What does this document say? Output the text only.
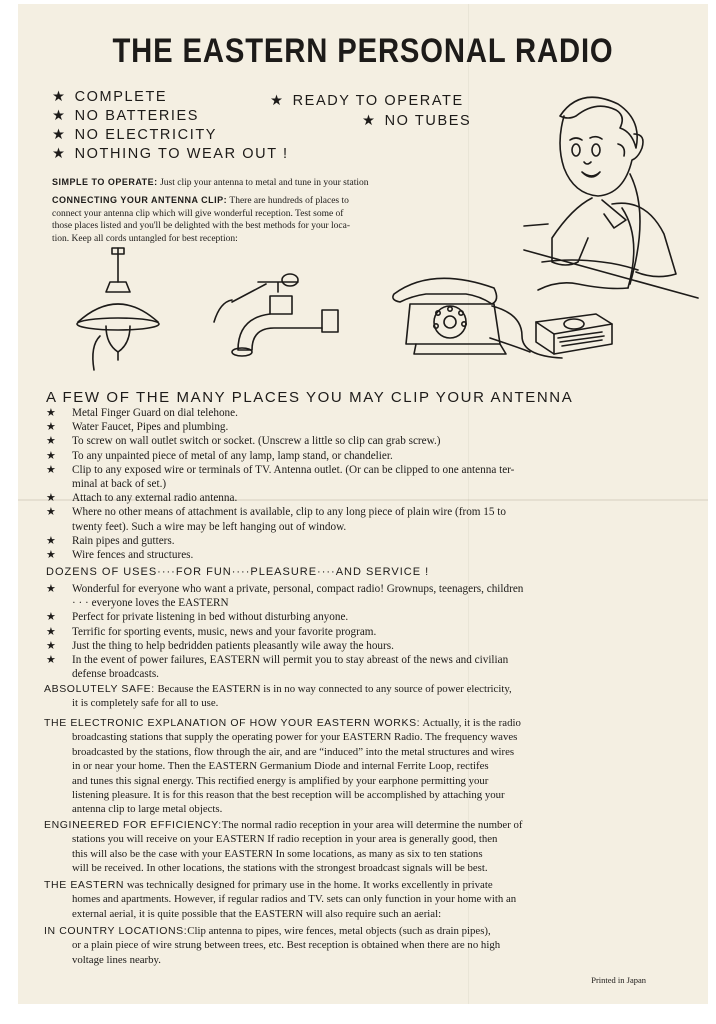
THE EASTERN PERSONAL RADIO
★ COMPLETE
★ NO BATTERIES
★ NO ELECTRICITY
★ NOTHING TO WEAR OUT !
★ READY TO OPERATE
★ NO TUBES
SIMPLE TO OPERATE: Just clip your antenna to metal and tune in your station
CONNECTING YOUR ANTENNA CLIP: There are hundreds of places to
connect your antenna clip which will give wonderful reception. Test some of
those places listed and you'll be delighted with the best methods for your loca-
tion. Keep all cords untangled for best reception:
A FEW OF THE MANY PLACES YOU MAY CLIP YOUR ANTENNA
★ Metal Finger Guard on dial telehone.
★ Water Faucet, Pipes and plumbing.
★ To screw on wall outlet switch or socket. (Unscrew a little so clip can grab screw.)
★ To any unpainted piece of metal of any lamp, lamp stand, or chandelier.
★ Clip to any exposed wire or terminals of TV. Antenna outlet. (Or can be clipped to one antenna ter-
minal at back of set.)
★ Attach to any external radio antenna.
★ Where no other means of attachment is available, clip to any long piece of plain wire (from 15 to
twenty feet). Such a wire may be left hanging out of window.
★ Rain pipes and gutters.
★ Wire fences and structures.
DOZENS OF USES····FOR FUN····PLEASURE····AND SERVICE !
★ Wonderful for everyone who want a private, personal, compact radio! Grownups, teenagers, children
· · · everyone loves the EASTERN
★ Perfect for private listening in bed without disturbing anyone.
★ Terrific for sporting events, music, news and your favorite program.
★ Just the thing to help bedridden patients pleasantly wile away the hours.
★ In the event of power failures, EASTERN will permit you to stay abreast of the news and civilian
defense broadcasts.
ABSOLUTELY SAFE: Because the EASTERN is in no way connected to any source of power electricity,
it is completely safe for all to use.
THE ELECTRONIC EXPLANATION OF HOW YOUR EASTERN WORKS: Actually, it is the radio
broadcasting stations that supply the operating power for your EASTERN Radio. The frequency waves
broadcasted by the stations, flow through the air, and are “induced” into the metal structures and wires
in or near your home. Then the EASTERN Germanium Diode and internal Ferrite Loop, rectifes
and tunes this signal energy. This rectified energy is amplified by your earphone permitting your
listening pleasure. It is for this reason that the best reception will be accomplished by attaching your
antenna clip to large metal objects.
ENGINEERED FOR EFFICIENCY:The normal radio reception in your area will determine the number of
stations you will receive on your EASTERN If radio reception in your area is generally good, then
this will also be the case with your EASTERN In some locations, as many as six to ten stations
will be received. In other locations, the stations with the strongest broadcast signals will be best.
THE EASTERN was technically designed for primary use in the home. It works excellently in private
homes and apartments. However, if regular radios and TV. sets can only function in your home with an
external aerial, it is quite possible that the EASTERN will also require such an aerial:
IN COUNTRY LOCATIONS:Clip antenna to pipes, wire fences, metal objects (such as drain pipes),
or a plain piece of wire strung between trees, etc. Best reception is obtained when there are no high
voltage lines nearby.
Printed in Japan
